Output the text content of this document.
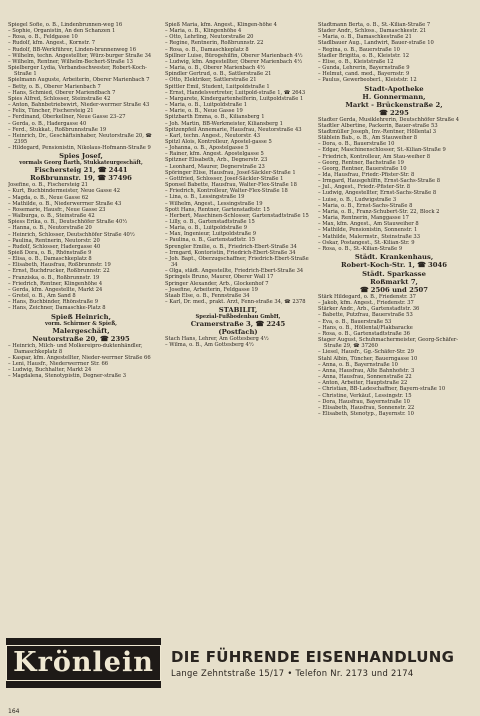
Spiegel Sofie, o. B., Lindenbrunnen-weg 16
– Sophie, Organistin, An den Schanzen 1
– Rosa, o. B., Feldgasse 10
– Rudolf, kfm. Angest., Kornstr. 7
– Rudolf, BB-Werkführer, Linden-brunnenweg 16
– Wilhelm, techn. Angestellter, Würz-burger Straße 34
– Wilhelm, Rentner, Wilhelm-Bechert-Straße 13
Spielberger Lydia, Verbandsschwester, Robert-Koch-Straße 1
Spielmann Auguste, Arbeiterin, Oberer Marienbach 7
– Betty, o. B., Oberer Marienbach 7
– Hans, Schmied, Oberer Mariendbach 7
Spies Alfred, Schlosser, Steinstraße 42
– Anton, Bahnbetriebswirt, Nieder-werrner Straße 43
– Felix, Tüncher, Fischersteig 21
– Ferdinand, Oberkellner, Neue Gasse 23–27
– Gerda, o. B., Hadergasse 40
– Ferd., Stukkat., Roßbrunnstraße 19
– Heinrich, Dr., Geschäftsinhaber, Neutorstraße 20, ☎ 2395
– Hildegard, Pensionistin, Nikolaus-Hofmann-Straße 9
Spies Josef,
vormals Georg Barth, Stukkateurgeschäft,
Fischersteig 21, ☎ 2441
Roßbrunnstr. 19, ☎ 37496
Josefine, o. B., Fischersteig 21
– Kurt, Buchbindermeister, Neue Gasse 42
– Magda, o. B., Neue Gasse 62
– Mathilde, o. B., Niederwerrner Straße 43
– Rosemarie, Hausfr., Neue Gasse 23
– Walburga, o. B., Steinstraße 42
Spiess Erika, o. B., Deutschhöfer Straße 40½
– Hanna, o. B., Neutorstraße 20
– Heinrich, Schlosser, Deutschhöfer Straße 40½
– Paulina, Rentnerin, Neutorstr. 20
– Rudolf, Schlosser, Hadergasse 40
Spieß Dora, o. B., Rhönstraße 9
– Elisa, o. B., Damaschkeplatz 8
– Elisabeth, Hausfrau, Roßbrunnstr. 19
– Ernst, Buchdrucker, Roßbrunnstr. 22
– Franziska, o. B., Roßbrunnstr. 19
– Friedrich, Rentner, Klingenhöhe 4
– Gerda, kfm. Angestellte, Markt 24
– Gretel, o. B., Am Sand 8
– Hans, Buchbinder, Rhönstraße 9
– Hans, Zeichner, Damaschke-Platz 8
Spieß Heinrich,
vorm. Schirmer & Spieß,
Malergeschäft,
Neutorstraße 20, ☎ 2395
– Heinrich, Milch- und Molkereipro-duktenhändler, Damaschkeplatz 8
– Kaspar, kfm. Angestellter, Nieder-werrner Straße 66
– Leni, Hausfr., Niederwerrner Str. 66
– Ludwig, Buchhalter, Markt 24
– Magdalena, Stenotypistin, Degner-straße 3
Spieß Maria, kfm. Angest., Klingen-höhe 4
– Maria, o. B., Klingenhöhe 4
– Otto, Lehrling, Neutorstraße 20
– Regine, Rentnerin, Roßbrunnstr. 22
– Rosa, o. B., Damaschkeplatz 8
Spillner Luise, Bürogehilfin, Oberer Marienbach 4½
– Ludwig, kfm. Angestellter, Oberer Marienbach 4½
– Maria, o. B., Oberer Marienbach 4½
Spindler Gertrud, o. B., Sattlerstraße 21
– Otto, Elektriker, Sattlerstraße 21
Spittler Emil, Student, Luitpoldstraße 1
– Ernst, Handelsvertreter, Luitpold-straße 1, ☎ 2643
– Margarete, Kindergartenhelferin, Luitpoldstraße 1
– Maria, o. B., Luitpoldstraße 1
– Marie, o. B., Neue Gasse 19
Spitzbarth Emma, o. B., Kiliansberg 1
– Joh. Martin, BB-Werkmeister, Kiliansberg 1
Spitzenpfeil Annemarie, Hausfrau, Neutorstraße 43
– Karl, techn. Angest., Neutorstr. 43
Spitzl Alois, Kontrolleur, Apostel-gasse 5
– Johanna, o. B., Apostelgasse 5
– Rainer, kfm. Angest. Apostelgasse 5
Spitzner Elisabeth, Arb., Degnerstr. 23
– Leonhard, Maurer, Degnerstraße 23
Spöringer Elise, Hausfrau, Josef-Säckler-Straße 1
– Gottfried, Schlosser, Josef-Säckler-Straße 1
Sponsel Babette, Hausfrau, Walter-Flex-Straße 18
– Friedrich, Kontrolleur, Walter-Flex-Straße 18
– Lina, o. B., Lessingstraße 19
– Wilhelm, Angest., Lessingstraße 19
Spott Hans, Rentner, Gartenstadtstr. 15
– Herbert, Maschinen-Schlosser, Gartenstadtstraße 15
– Lilly, o. B., Gartenstadtstraße 15
– Maria, o. B., Luitpoldstraße 9
– Max, Ingenieur, Luitpoldstraße 9
– Paulina, o. B., Gartenstadtstr. 15
Sprengler Emilie, o. B., Friedrich-Ebert-Straße 34
– Irmgard, Kontoristin, Friedrich-Ebert-Straße 34
– Joh. Bapt., Oberzugschaffner, Friedrich-Ebert-Straße 34
– Olga, städt. Angestellte, Friedrich-Ebert-Straße 34
Springels Bruno, Maurer, Oberer Wall 17
Springer Alexander, Arb., Glockenhof 7
– Josefine, Arbeiterin, Feldgasse 19
Staab Else, o. B., Fennstraße 34
– Karl, Dr. med., prakt. Arzt, Fenn-straße 34, ☎ 2378
STABILIT,
Spezial-Fußbodenbau GmbH,
Cramerstraße 3, ☎ 2245
(Postfach)
Stach Hans, Lehrer, Am Gottesberg 4½
– Wilma, o. B., Am Gottesberg 4½
Stadtmann Berta, o. B., St.-Kilian-Straße 7
Stader Andr., Schloss., Damaschkestr. 21
– Maria, o. B., Damaschkestraße 21
Stadlbauer Aug., Landwirt, Bauer-straße 10
– Regina, o. B., Bauerstraße 10
Stadler Brigitta, o. B., Kleiststr. 12
– Elise, o. B., Kleiststraße 12
– Gunda, Lehrerin, Bayernstraße 9
– Helmut, cand. med., Bayernstr. 9
– Paulus, Gewerbeoberl., Kleiststr. 12
Stadt-Apotheke
H. Gonnermann,
Markt - Brückenstraße 2,
☎ 2295
Stadter Gerda, Musiklehrerin, Deutschhöfer Straße 4
Stadtler Albertine, Packerin, Bauer-straße 53
Stadtmüller Joseph, Inv.-Rentner, Höllental 3
Stäblein Bab., o. B., Am Stauweiher 8
– Dora, o. B., Bauerstraße 10
– Edgar, Maschinenschlosser, St.-Kilian-Straße 9
– Friedrich, Kontrolleur, Am Stau-weiher 8
– Georg, Rentner, Bachstraße 19
– Georg, Rentner, Bauerstraße 10
– Ida, Hausfrau, Friedr.-Pfister-Str. 8
– Irmgard, Hausgehilfin, Ernst-Sachs-Straße 8
– Jul., Angest., Friedr.-Pfister-Str. 8
– Ludwig, Angestellter, Ernst-Sachs-Straße 8
– Luise, o. B., Ludwigstraße 3
– Maria, o. B., Ernst-Sachs-Straße 8
– Maria, o. B., Franz-Schubert-Str. 22, Block 2
– Maria, Rentnerin, Manggasse 17
– Max, kfm. Angest., Am Stauweiher 8
– Mathilde, Pensionistin, Sonnenstr. 1
– Mathilde, Malermstr., Steinstraße 33
– Oskar, Postangest., St.-Kilian-Str. 9
– Rosa, o. B., St.-Kilian-Straße 9
Städt. Krankenhaus,
Robert-Koch-Str. 1, ☎ 3046
Städt. Sparkasse
Roßmarkt 7,
☎ 2506 und 2507
Stärk Hildegard, o. B., Friedenstr. 37
– Jakob, kfm. Angest., Friedenstr. 37
Stärker Andr., Arb., Gartenstadtstr. 36
– Babette, Putzfrau, Bauerstraße 53
– Eva, o. B., Bauerstraße 53
– Hans, o. B., Höllental/Flakbaracke
– Rosa, o. B., Gartenstadtstraße 36
Stager August, Schuhmachermeister, Georg-Schäfer-Straße 29, ☎ 37260
– Liesel, Hausfr., Gg.-Schäfer-Str. 29
Stahl Albin, Tüncher, Bauerngasse 10
– Anna, o. B., Bayernstraße 10
– Anna, Hausfrau, Alte Bahnhofstr. 3
– Anna, Hausfrau, Sonnenstraße 22
– Anton, Arbeiter, Hauptstraße 22
– Christian, BB-Ladeschaffner, Bayern-straße 10
– Christine, Verkäuf., Lessingstr. 15
– Dora, Hausfrau, Bayernstraße 10
– Elisabeth, Hausfrau, Sonnenstr. 22
– Elisabeth, Stenotyp., Bayernstr. 10
Krönlein	DIE FÜHRENDE EISENHANDLUNG
Lange Zehntstraße 15/17 • Telefon Nr. 2173 und 2174
164
